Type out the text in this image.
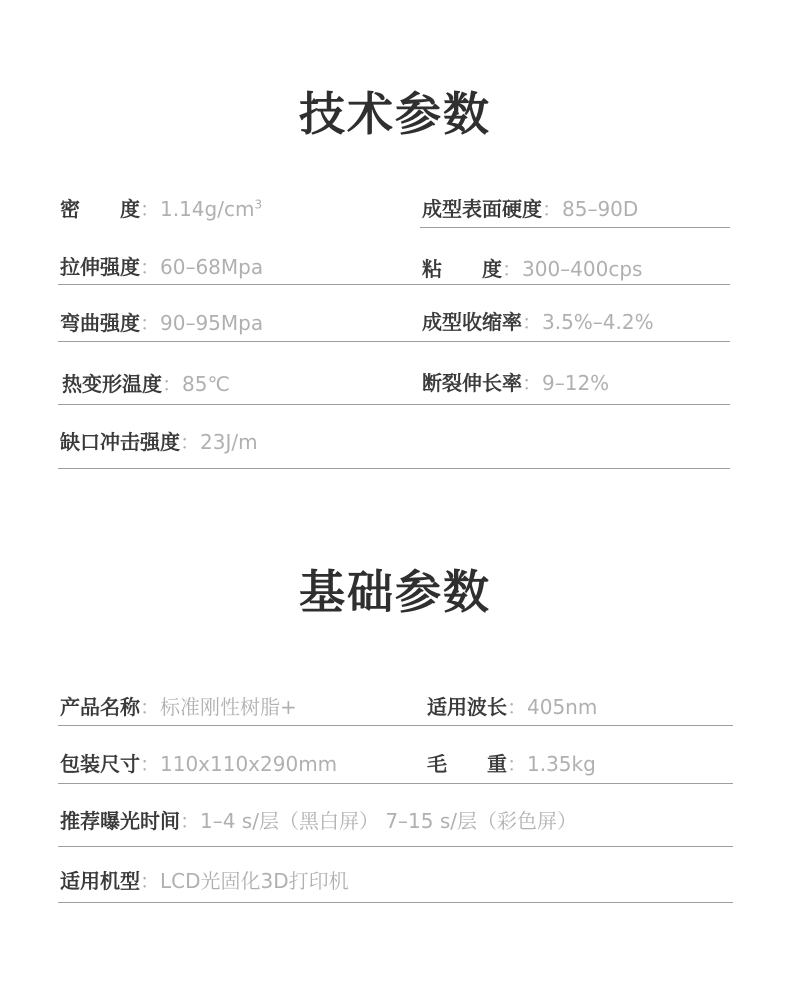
技术参数
密 度：$1.14g/cm^3$	成型表面硬度：85–90D
拉伸强度：60–68Mpa	粘 度：300–400cps
弯曲强度：90–95Mpa	成型收缩率：3.5%–4.2%
热变形温度：85℃	断裂伸长率：9–12%
缺口冲击强度：23J/m
基础参数
产品名称：标准刚性树脂+	适用波长：405nm
包装尺寸：110x110x290mm	毛 重：1.35kg
推荐曝光时间：1–4 s/层（黑白屏） 7–15 s/层（彩色屏）
适用机型：LCD光固化3D打印机
